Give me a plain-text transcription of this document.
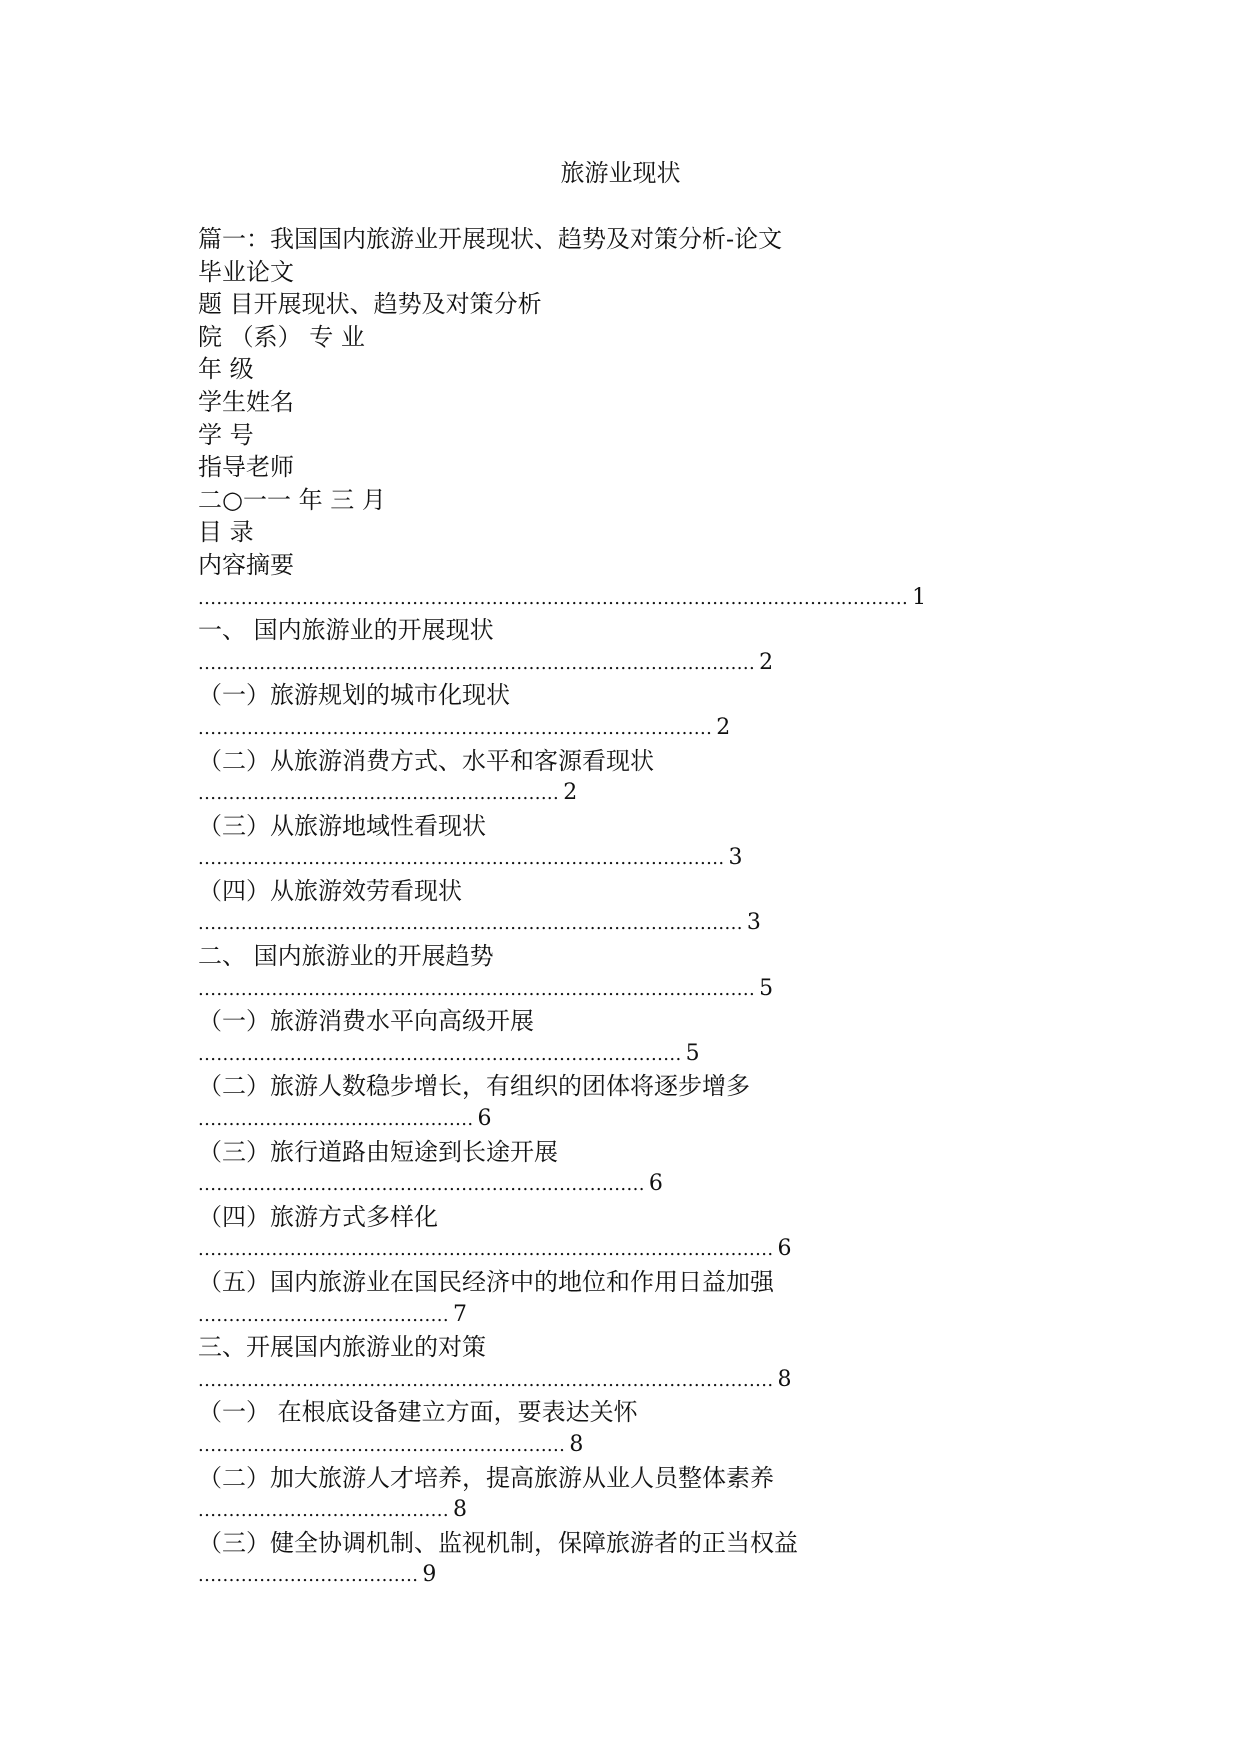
旅游业现状
篇一：我国国内旅游业开展现状、趋势及对策分析-论文
毕业论文
题 目开展现状、趋势及对策分析
院 （系） 专 业
年 级
学生姓名
学 号
指导老师
二○一一 年 三 月
目 录
内容摘要
.................................................................................................................... 1
一、 国内旅游业的开展现状
........................................................................................... 2
（一）旅游规划的城市化现状
.................................................................................... 2
（二）从旅游消费方式、水平和客源看现状
........................................................... 2
（三）从旅游地域性看现状
...................................................................................... 3
（四）从旅游效劳看现状
......................................................................................... 3
二、 国内旅游业的开展趋势
........................................................................................... 5
（一）旅游消费水平向高级开展
............................................................................... 5
（二）旅游人数稳步增长，有组织的团体将逐步增多
............................................. 6
（三）旅行道路由短途到长途开展
......................................................................... 6
（四）旅游方式多样化
.............................................................................................. 6
（五）国内旅游业在国民经济中的地位和作用日益加强
......................................... 7
三、开展国内旅游业的对策
.............................................................................................. 8
（一） 在根底设备建立方面，要表达关怀
............................................................ 8
（二）加大旅游人才培养，提高旅游从业人员整体素养
......................................... 8
（三）健全协调机制、监视机制，保障旅游者的正当权益
.................................... 9
